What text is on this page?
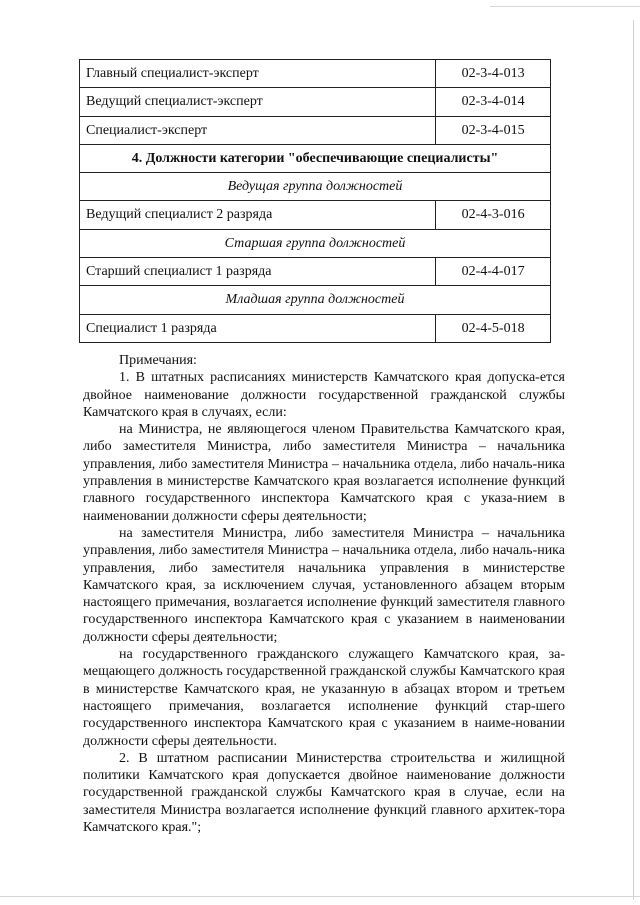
Главный специалист-эксперт	02-3-4-013
Ведущий специалист-эксперт	02-3-4-014
Специалист-эксперт	02-3-4-015
4. Должности категории "обеспечивающие специалисты"	
Ведущая группа должностей	
Ведущий специалист 2 разряда	02-4-3-016
Старшая группа должностей	
Старший специалист 1 разряда	02-4-4-017
Младшая группа должностей	
Специалист 1 разряда	02-4-5-018

Примечания:

1. В штатных расписаниях министерств Камчатского края допуска-ется двойное наименование должности государственной гражданской службы Камчатского края в случаях, если:

на Министра, не являющегося членом Правительства Камчатского края, либо заместителя Министра, либо заместителя Министра – начальника управления, либо заместителя Министра – начальника отдела, либо началь-ника управления в министерстве Камчатского края возлагается исполнение функций главного государственного инспектора Камчатского края с указа-нием в наименовании должности сферы деятельности;

на заместителя Министра, либо заместителя Министра – начальника управления, либо заместителя Министра – начальника отдела, либо началь-ника управления, либо заместителя начальника управления в министерстве Камчатского края, за исключением случая, установленного абзацем вторым настоящего примечания, возлагается исполнение функций заместителя главного государственного инспектора Камчатского края с указанием в наименовании должности сферы деятельности;

на государственного гражданского служащего Камчатского края, за-мещающего должность государственной гражданской службы Камчатского края в министерстве Камчатского края, не указанную в абзацах втором и третьем настоящего примечания, возлагается исполнение функций стар-шего государственного инспектора Камчатского края с указанием в наиме-новании должности сферы деятельности.

2. В штатном расписании Министерства строительства и жилищной политики Камчатского края допускается двойное наименование должности государственной гражданской службы Камчатского края в случае, если на заместителя Министра возлагается исполнение функций главного архитек-тора Камчатского края.";
